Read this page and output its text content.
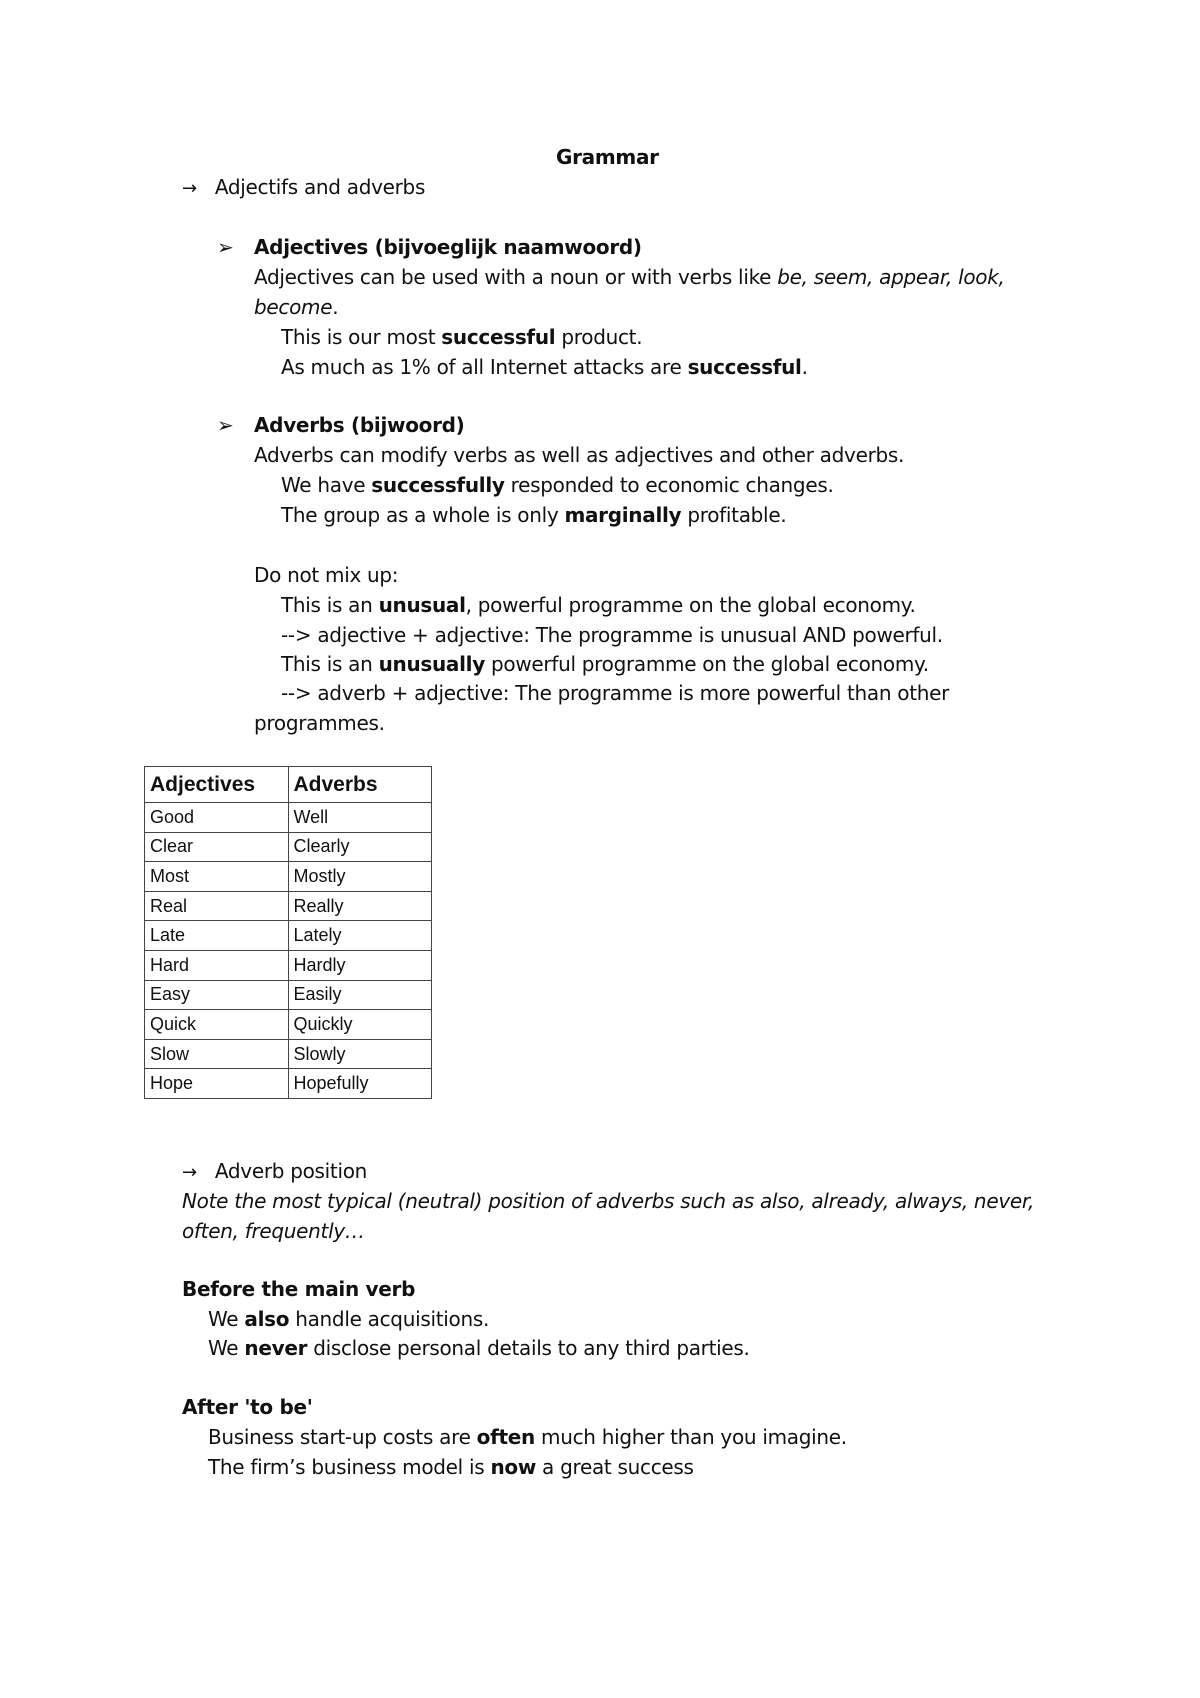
Grammar
→ Adjectifs and adverbs
➢ Adjectives (bijvoeglijk naamwoord)
Adjectives can be used with a noun or with verbs like be, seem, appear, look,
become.
This is our most successful product.
As much as 1% of all Internet attacks are successful.
➢ Adverbs (bijwoord)
Adverbs can modify verbs as well as adjectives and other adverbs.
We have successfully responded to economic changes.
The group as a whole is only marginally profitable.
Do not mix up:
This is an unusual, powerful programme on the global economy.
--> adjective + adjective: The programme is unusual AND powerful.
This is an unusually powerful programme on the global economy.
--> adverb + adjective: The programme is more powerful than other
programmes.
Adjectives	Adverbs
Good	Well
Clear	Clearly
Most	Mostly
Real	Really
Late	Lately
Hard	Hardly
Easy	Easily
Quick	Quickly
Slow	Slowly
Hope	Hopefully
→ Adverb position
Note the most typical (neutral) position of adverbs such as also, already, always, never,
often, frequently…
Before the main verb
We also handle acquisitions.
We never disclose personal details to any third parties.
After 'to be'
Business start-up costs are often much higher than you imagine.
The firm’s business model is now a great success
